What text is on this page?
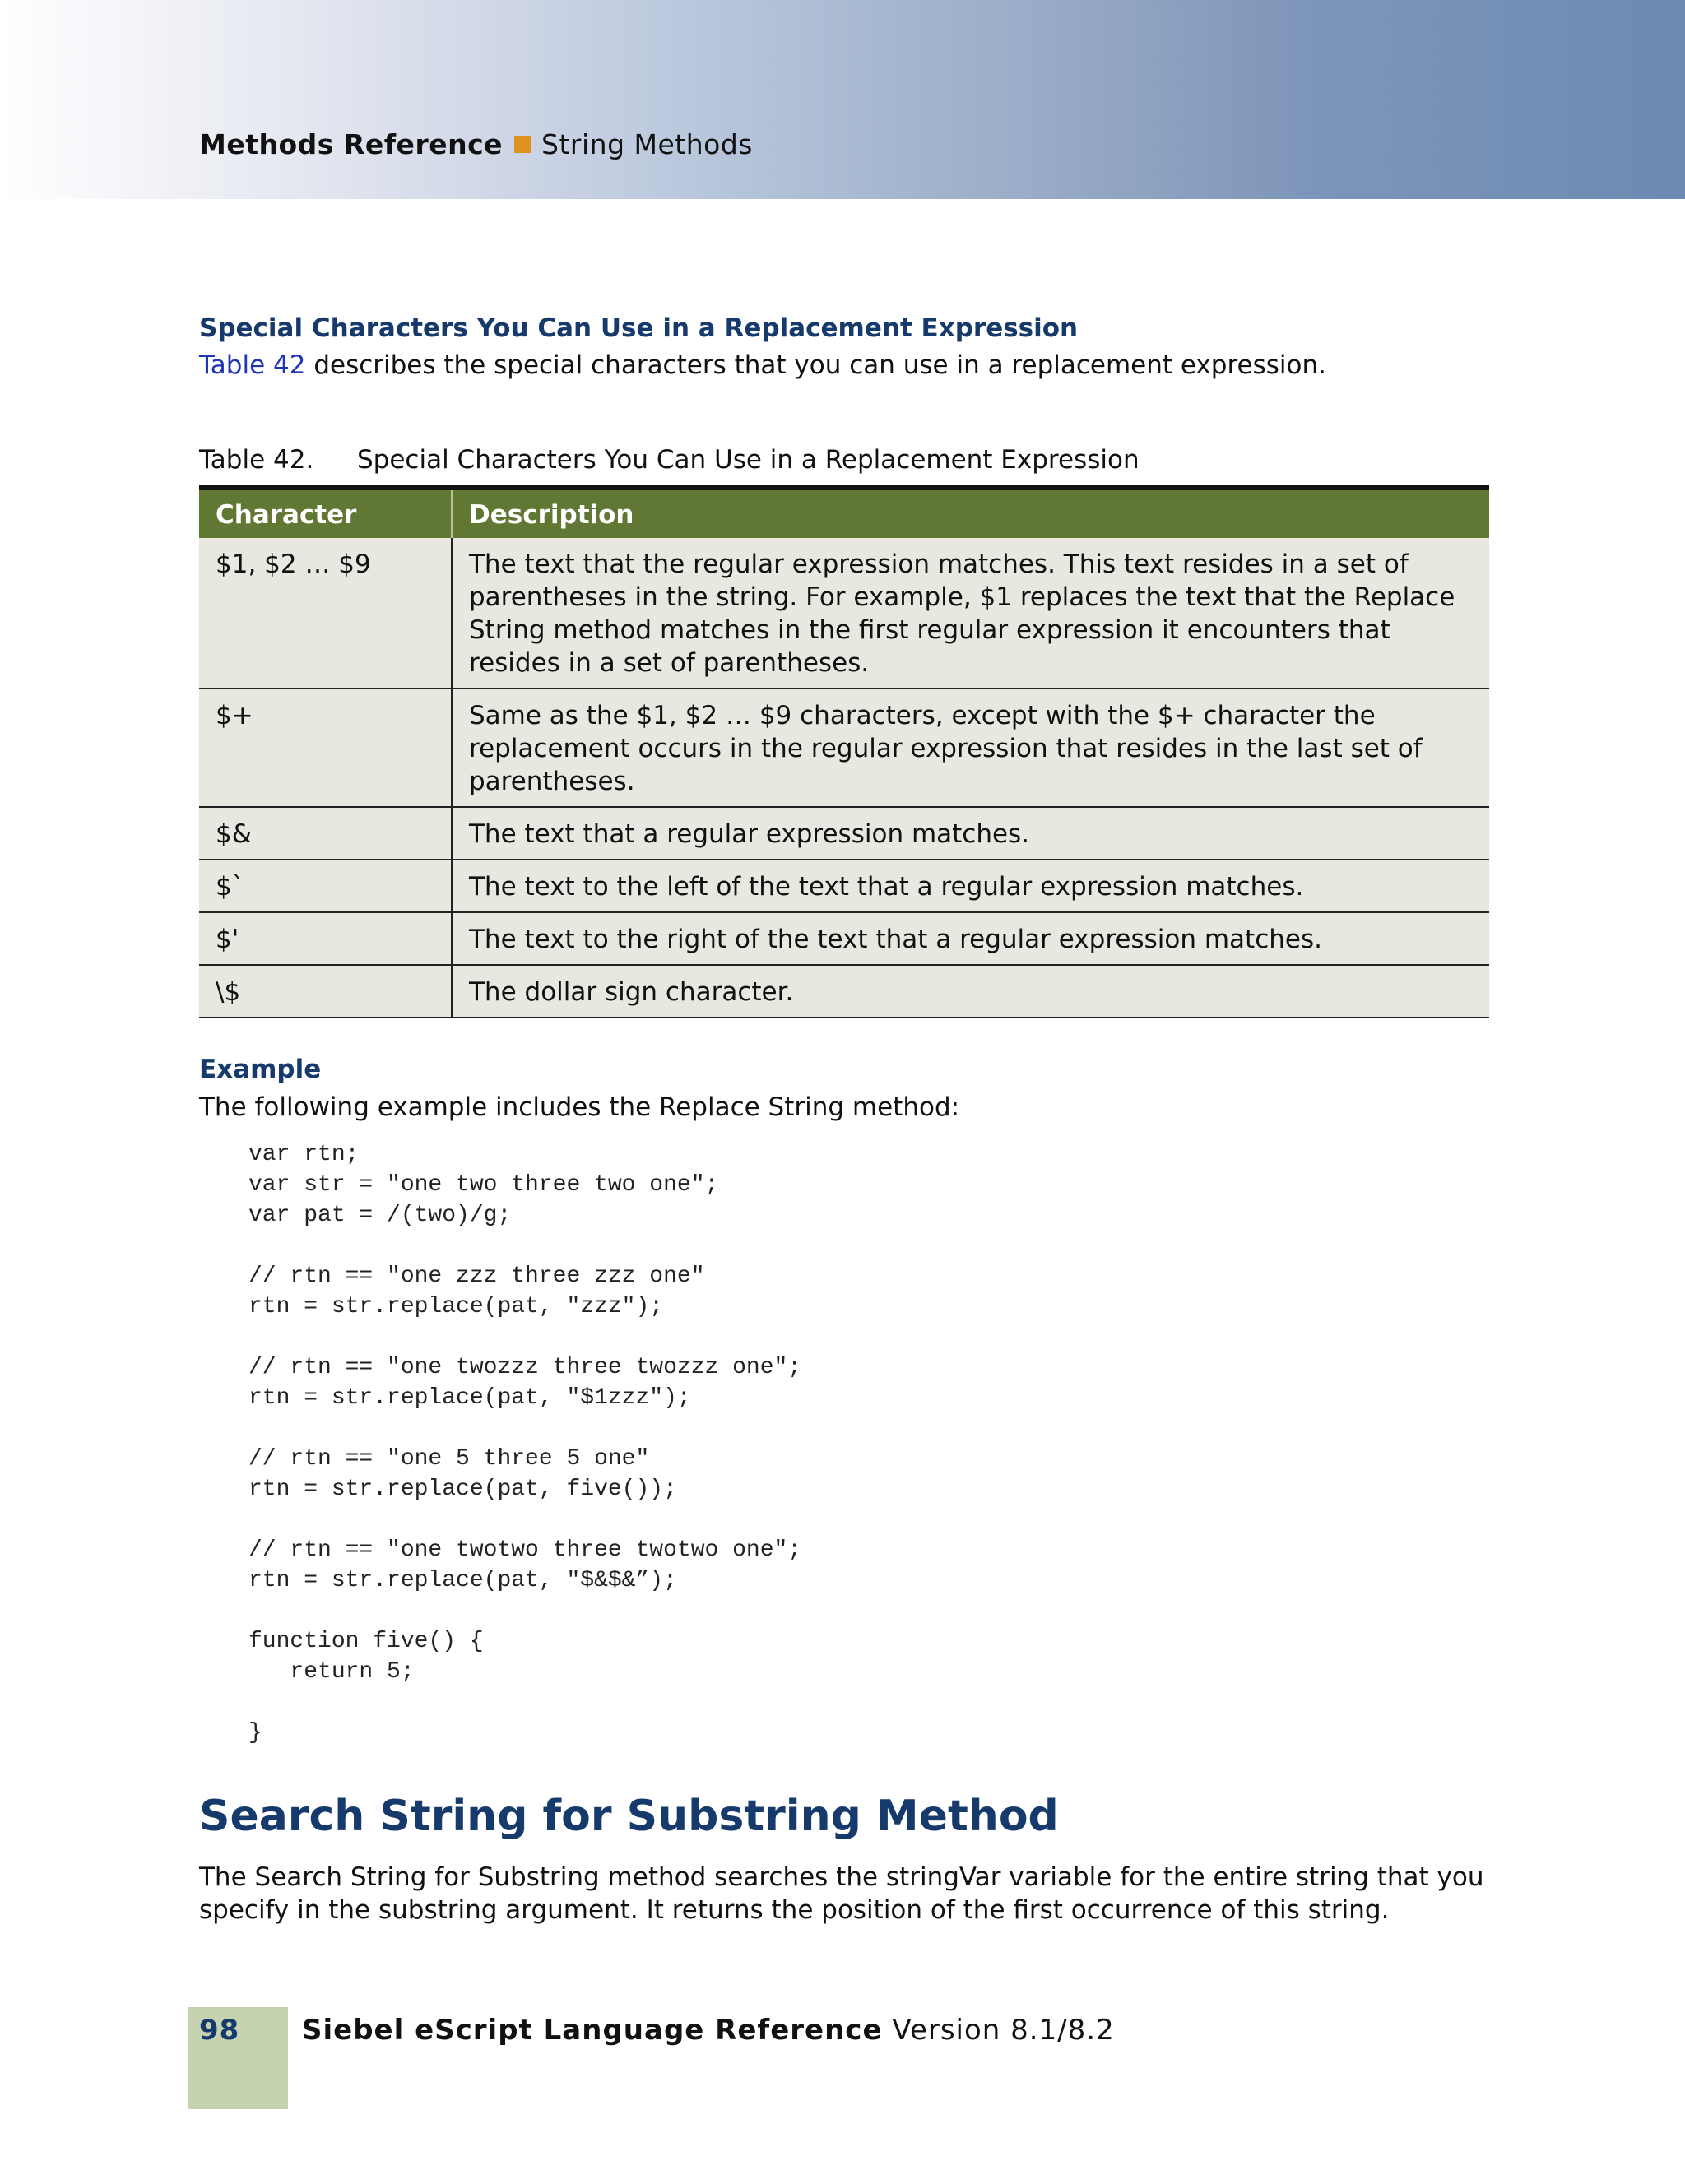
Methods Reference String Methods
Special Characters You Can Use in a Replacement Expression
Table 42 describes the special characters that you can use in a replacement expression.
Table 42. Special Characters You Can Use in a Replacement Expression
Character	Description
$1, $2 … $9	The text that the regular expression matches. This text resides in a set of parentheses in the string. For example, $1 replaces the text that the Replace String method matches in the first regular expression it encounters that resides in a set of parentheses.
$+	Same as the $1, $2 … $9 characters, except with the $+ character the replacement occurs in the regular expression that resides in the last set of parentheses.
$&	The text that a regular expression matches.
$`	The text to the left of the text that a regular expression matches.
$'	The text to the right of the text that a regular expression matches.
\$	The dollar sign character.
Example
The following example includes the Replace String method:
var rtn;
var str = "one two three two one";
var pat = /(two)/g;

// rtn == "one zzz three zzz one"
rtn = str.replace(pat, "zzz");

// rtn == "one twozzz three twozzz one";
rtn = str.replace(pat, "$1zzz");

// rtn == "one 5 three 5 one"
rtn = str.replace(pat, five());

// rtn == "one twotwo three twotwo one";
rtn = str.replace(pat, "$&$&”);

function five() {
return 5;

}
Search String for Substring Method
The Search String for Substring method searches the stringVar variable for the entire string that you specify in the substring argument. It returns the position of the first occurrence of this string.
98 Siebel eScript Language Reference Version 8.1/8.2
